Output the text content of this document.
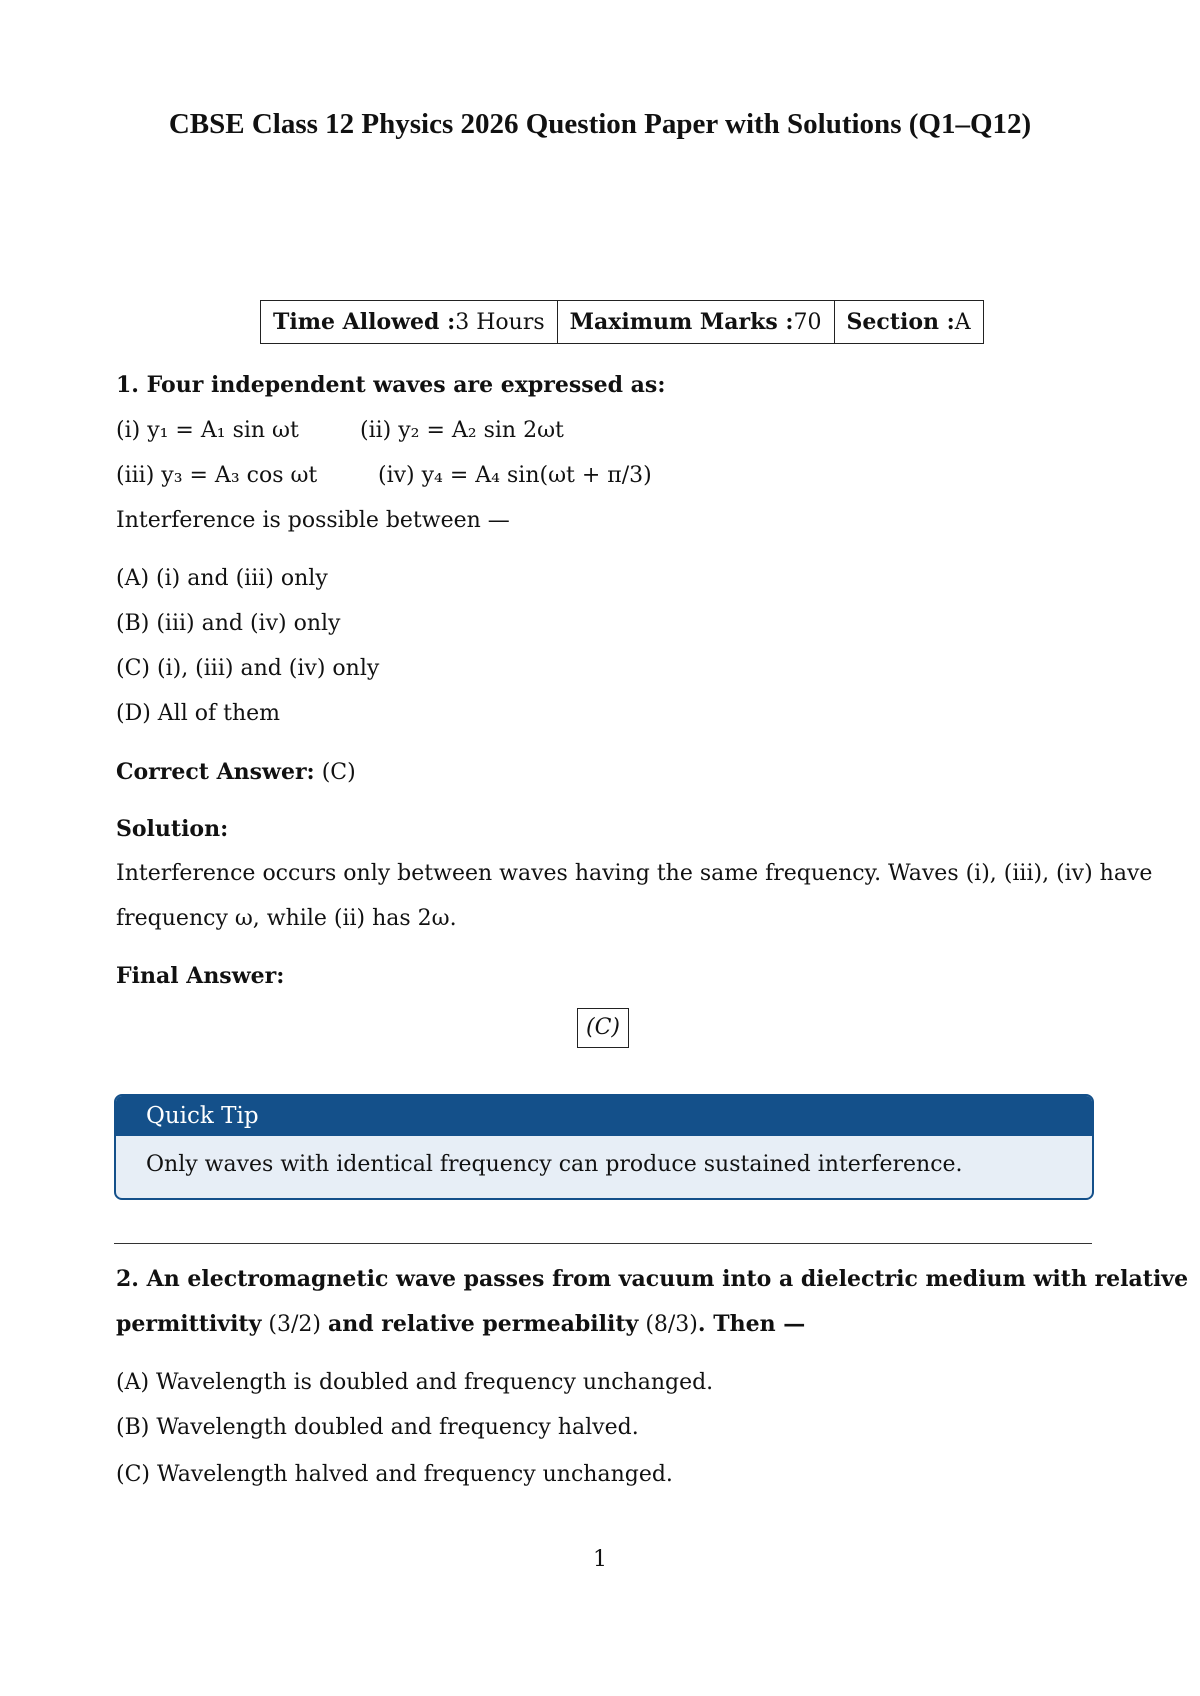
CBSE Class 12 Physics 2026 Question Paper with Solutions (Q1–Q12)
Time Allowed :3 Hours	Maximum Marks :70	Section :A
1. Four independent waves are expressed as:
(i) y₁ = A₁ sin ωt	(ii) y₂ = A₂ sin 2ωt
(iii) y₃ = A₃ cos ωt	(iv) y₄ = A₄ sin(ωt + π/3)
Interference is possible between —
(A) (i) and (iii) only
(B) (iii) and (iv) only
(C) (i), (iii) and (iv) only
(D) All of them
Correct Answer: (C)
Solution:
Interference occurs only between waves having the same frequency. Waves (i), (iii), (iv) have
frequency ω, while (ii) has 2ω.
Final Answer:
(C)
Quick Tip
Only waves with identical frequency can produce sustained interference.
2. An electromagnetic wave passes from vacuum into a dielectric medium with relative
permittivity (3/2) and relative permeability (8/3). Then —
(A) Wavelength is doubled and frequency unchanged.
(B) Wavelength doubled and frequency halved.
(C) Wavelength halved and frequency unchanged.
1
